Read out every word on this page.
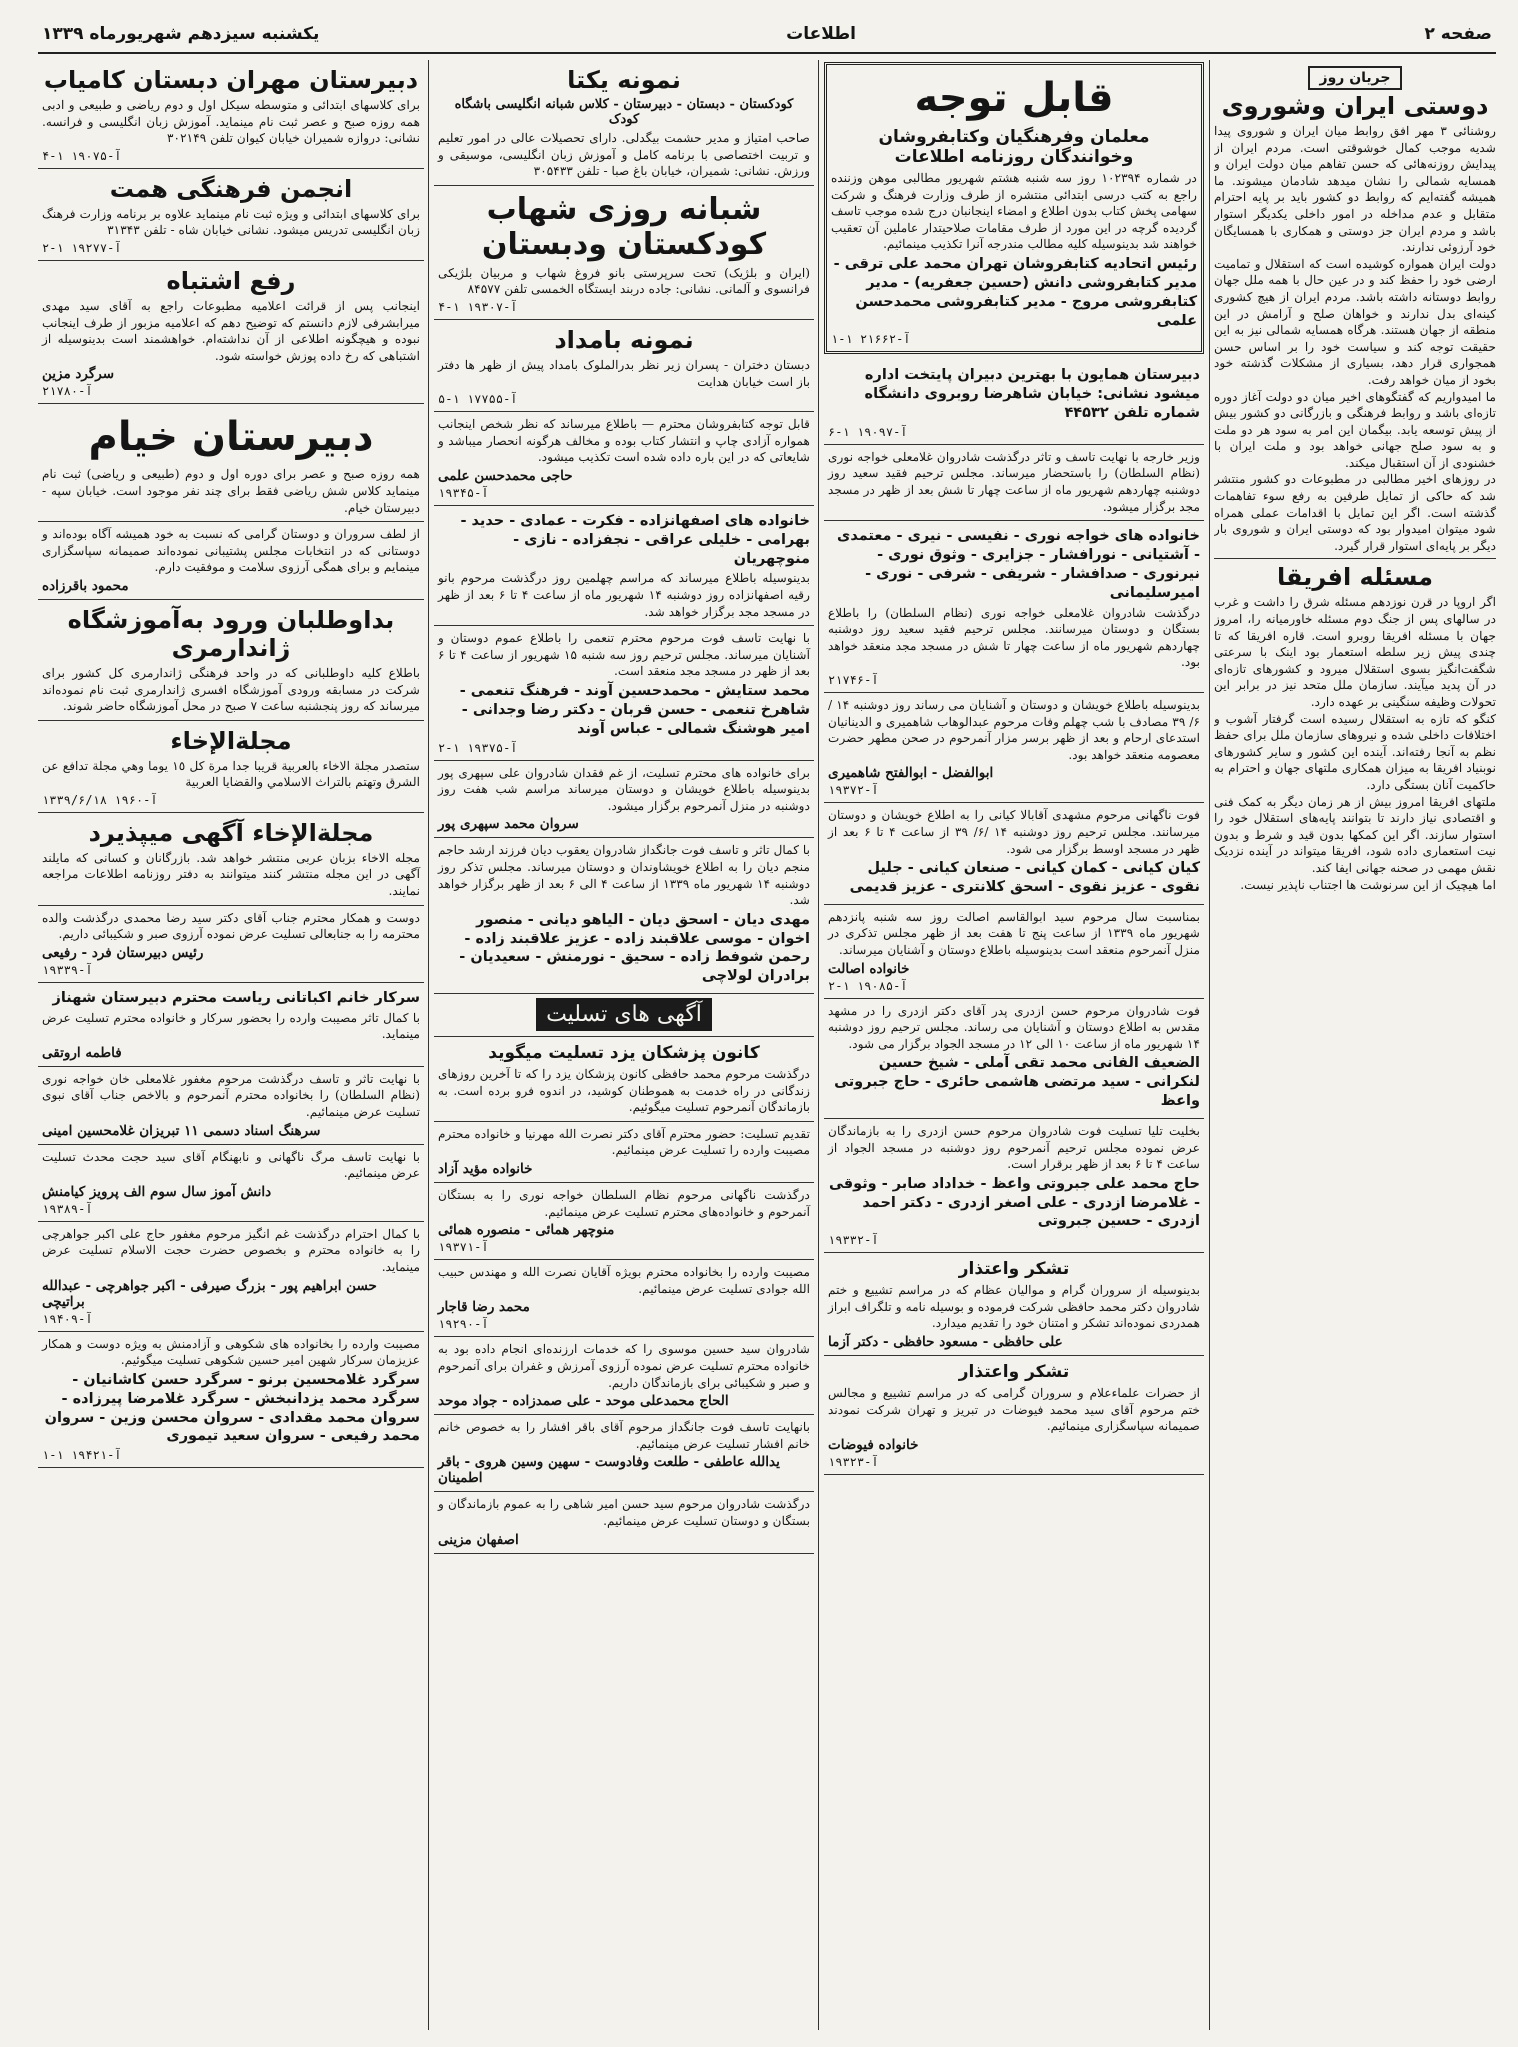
صفحه ۲
اطلاعات
یکشنبه سیزدهم شهریورماه ۱۳۳۹
جریان روز
دوستی ایران وشوروی

روشنائی ۳ مهر افق روابط میان ایران و شوروی پیدا شدیه موجب کمال خوشوقتی است. مردم ایران از پیدایش روزنه‌هائی که حسن تفاهم میان دولت ایران و همسایه شمالی را نشان میدهد شادمان میشوند. ما همیشه گفته‌ایم که روابط دو کشور باید بر پایه احترام متقابل و عدم مداخله در امور داخلی یکدیگر استوار باشد و مردم ایران جز دوستی و همکاری با همسایگان خود آرزوئی ندارند.

دولت ایران همواره کوشیده است که استقلال و تمامیت ارضی خود را حفظ کند و در عین حال با همه ملل جهان روابط دوستانه داشته باشد. مردم ایران از هیچ کشوری کینه‌ای بدل ندارند و خواهان صلح و آرامش در این منطقه از جهان هستند. هرگاه همسایه شمالی نیز به این حقیقت توجه کند و سیاست خود را بر اساس حسن همجواری قرار دهد، بسیاری از مشکلات گذشته خود بخود از میان خواهد رفت.

ما امیدواریم که گفتگوهای اخیر میان دو دولت آغاز دوره تازه‌ای باشد و روابط فرهنگی و بازرگانی دو کشور بیش از پیش توسعه یابد. بیگمان این امر به سود هر دو ملت و به سود صلح جهانی خواهد بود و ملت ایران با خشنودی از آن استقبال میکند.

در روزهای اخیر مطالبی در مطبوعات دو کشور منتشر شد که حاکی از تمایل طرفین به رفع سوء تفاهمات گذشته است. اگر این تمایل با اقدامات عملی همراه شود میتوان امیدوار بود که دوستی ایران و شوروی بار دیگر بر پایه‌ای استوار قرار گیرد.

مسئله افریقا

اگر اروپا در قرن نوزدهم مسئله شرق را داشت و غرب در سالهای پس از جنگ دوم مسئله خاورمیانه را، امروز جهان با مسئله افریقا روبرو است. قاره افریقا که تا چندی پیش زیر سلطه استعمار بود اینک با سرعتی شگفت‌انگیز بسوی استقلال میرود و کشورهای تازه‌ای در آن پدید میآیند. سازمان ملل متحد نیز در برابر این تحولات وظیفه سنگینی بر عهده دارد.

کنگو که تازه به استقلال رسیده است گرفتار آشوب و اختلافات داخلی شده و نیروهای سازمان ملل برای حفظ نظم به آنجا رفته‌اند. آینده این کشور و سایر کشورهای نوبنیاد افریقا به میزان همکاری ملتهای جهان و احترام به حاکمیت آنان بستگی دارد.

ملتهای افریقا امروز بیش از هر زمان دیگر به کمک فنی و اقتصادی نیاز دارند تا بتوانند پایه‌های استقلال خود را استوار سازند. اگر این کمکها بدون قید و شرط و بدون نیت استعماری داده شود، افریقا میتواند در آینده نزدیک نقش مهمی در صحنه جهانی ایفا کند.

اما هیچیک از این سرنوشت ها اجتناب ناپذیر نیست.

قابل توجه
معلمان وفرهنگیان وکتابفروشان وخوانندگان روزنامه اطلاعات

در شماره ۱۰۲۳۹۴ روز سه شنبه هشتم شهریور مطالبی موهن وزننده راجع به کتب درسی ابتدائی منتشره از طرف وزارت فرهنگ و شرکت سهامی پخش کتاب بدون اطلاع و امضاء اینجانبان درج شده موجب تاسف گردیده گرچه در این مورد از طرف مقامات صلاحیتدار عاملین آن تعقیب خواهند شد بدینوسیله کلیه مطالب مندرجه آنرا تکذیب مینمائیم.

رئیس اتحادیه کتابفروشان تهران محمد علی ترقی - مدیر کتابفروشی دانش (حسین جعفریه) - مدیر کتابفروشی مروج - مدیر کتابفروشی محمدحسن علمی
آ-۲۱۶۶۲ ۱-۱
دبیرستان همایون با بهترین دبیران پایتخت اداره میشود نشانی: خیابان شاهرضا روبروی دانشگاه شماره تلفن ۴۴۵۳۲
آ-۱۹۰۹۷ ۱-۶

وزیر خارجه با نهایت تاسف و تاثر درگذشت شادروان غلامعلی خواجه نوری (نظام السلطان) را باستحضار میرساند. مجلس ترحیم فقید سعید روز دوشنبه چهاردهم شهریور ماه از ساعت چهار تا شش بعد از ظهر در مسجد مجد برگزار میشود.

خانواده های خواجه نوری - نفیسی - نیری - معتمدی - آشتیانی - نورافشار - جزایری - وثوق نوری - نیرنوری - صدافشار - شریفی - شرفی - نوری - امیرسلیمانی

درگذشت شادروان غلامعلی خواجه نوری (نظام السلطان) را باطلاع بستگان و دوستان میرسانند. مجلس ترحیم فقید سعید روز دوشنبه چهاردهم شهریور ماه از ساعت چهار تا شش در مسجد مجد منعقد خواهد بود.

آ-۲۱۷۴۶

بدینوسیله باطلاع خویشان و دوستان و آشنایان می رساند روز دوشنبه ۱۴ /۶/ ۳۹ مصادف با شب چهلم وفات مرحوم عبدالوهاب شاهمیری و الدینانیان استدعای ارحام و بعد از ظهر برسر مزار آنمرحوم در صحن مطهر حضرت معصومه منعقد خواهد بود.

ابوالفضل - ابوالفتح شاهمیری
آ-۱۹۳۷۲

فوت ناگهانی مرحوم مشهدی آقابالا کیانی را به اطلاع خویشان و دوستان میرسانند. مجلس ترحیم روز دوشنبه ۱۴ /۶/ ۳۹ از ساعت ۴ تا ۶ بعد از ظهر در مسجد اوسط برگزار می شود.

کیان کیانی - کمان کیانی - صنعان کیانی - جلیل نقوی - عزیز نقوی - اسحق کلانتری - عزیز قدیمی

بمناسبت سال مرحوم سید ابوالقاسم اصالت روز سه شنبه پانزدهم شهریور ماه ۱۳۳۹ از ساعت پنج تا هفت بعد از ظهر مجلس تذکری در منزل آنمرحوم منعقد است بدینوسیله باطلاع دوستان و آشنایان میرساند.

خانواده اصالت
آ-۱۹۰۸۵ ۱-۲

فوت شادروان مرحوم حسن ازدری پدر آقای دکتر ازدری را در مشهد مقدس به اطلاع دوستان و آشنایان می رساند. مجلس ترحیم روز دوشنبه ۱۴ شهریور ماه از ساعت ۱۰ الی ۱۲ در مسجد الجواد برگزار می شود.

الضعیف الفانی محمد تقی آملی - شیخ حسین لنکرانی - سید مرتضی هاشمی حائری - حاج جبروتی واعظ

بخلیت تلیا تسلیت فوت شادروان مرحوم حسن ازدری را به بازماندگان عرض نموده مجلس ترحیم آنمرحوم روز دوشنبه در مسجد الجواد از ساعت ۴ تا ۶ بعد از ظهر برقرار است.

حاج محمد علی جبروتی واعظ - خداداد صابر - وثوقی - غلامرضا ازدری - علی اصغر ازدری - دکتر احمد ازدری - حسین جبروتی
آ-۱۹۳۳۲
تشکر واعتذار

بدینوسیله از سروران گرام و موالیان عظام که در مراسم تشییع و ختم شادروان دکتر محمد حافظی شرکت فرموده و بوسیله نامه و تلگراف ابراز همدردی نموده‌اند تشکر و امتنان خود را تقدیم میدارد.

علی حافظی - مسعود حافظی - دکتر آزما
تشکر واعتذار

از حضرات علماءعلام و سروران گرامی که در مراسم تشییع و مجالس ختم مرحوم آقای سید محمد فیوضات در تبریز و تهران شرکت نمودند صمیمانه سپاسگزاری مینمائیم.

خانواده فیوضات
آ-۱۹۳۲۳
نمونه یکتا
کودکستان - دبستان - دبیرستان - کلاس شبانه انگلیسی باشگاه کودک

صاحب امتیاز و مدیر حشمت بیگدلی. دارای تحصیلات عالی در امور تعلیم و تربیت اختصاصی با برنامه کامل و آموزش زبان انگلیسی، موسیقی و ورزش. نشانی: شمیران، خیابان باغ صبا - تلفن ۳۰۵۴۳۳

شبانه روزی شهاب کودکستان ودبستان

(ایران و بلژیک) تحت سرپرستی بانو فروغ شهاب و مربیان بلژیکی فرانسوی و آلمانی. نشانی: جاده دربند ایستگاه الخمسی تلفن ۸۴۵۷۷

آ-۱۹۳۰۷ ۱-۴
نمونه بامداد

دبستان دختران - پسران زیر نظر بدرالملوک بامداد پیش از ظهر ها دفتر باز است خیابان هدایت

آ-۱۷۷۵۵ ۱-۵

قابل توجه کتابفروشان محترم — باطلاع میرساند که نظر شخص اینجانب همواره آزادی چاپ و انتشار کتاب بوده و مخالف هرگونه انحصار میباشد و شایعاتی که در این باره داده شده است تکذیب میشود.

حاجی محمدحسن علمی
آ-۱۹۳۴۵
خانواده های اصفهانزاده - فکرت - عمادی - حدید - بهرامی - خلیلی عراقی - نجفزاده - نازی - منوچهریان

بدینوسیله باطلاع میرساند که مراسم چهلمین روز درگذشت مرحوم بانو رقیه اصفهانزاده روز دوشنبه ۱۴ شهریور ماه از ساعت ۴ تا ۶ بعد از ظهر در مسجد مجد برگزار خواهد شد.

با نهایت تاسف فوت مرحوم محترم تنعمی را باطلاع عموم دوستان و آشنایان میرساند. مجلس ترحیم روز سه شنبه ۱۵ شهریور از ساعت ۴ تا ۶ بعد از ظهر در مسجد مجد منعقد است.

محمد ستایش - محمدحسین آوند - فرهنگ تنعمی - شاهرخ تنعمی - حسن قربان - دکتر رضا وجدانی - امیر هوشنگ شمالی - عباس آوند
آ-۱۹۳۷۵ ۱-۲

برای خانواده های محترم تسلیت، از غم فقدان شادروان علی سپهری پور بدینوسیله باطلاع خویشان و دوستان میرساند مراسم شب هفت روز دوشنبه در منزل آنمرحوم برگزار میشود.

سروان محمد سپهری پور

با کمال تاثر و تاسف فوت جانگداز شادروان یعقوب دیان فرزند ارشد حاجم منجم دیان را به اطلاع خویشاوندان و دوستان میرساند. مجلس تذکر روز دوشنبه ۱۴ شهریور ماه ۱۳۳۹ از ساعت ۴ الی ۶ بعد از ظهر برگزار خواهد شد.

مهدی دیان - اسحق دیان - الیاهو دیانی - منصور اخوان - موسی علاقبند زاده - عزیز علاقبند زاده - رحمن شوفط زاده - سحیق - نورمنش - سعیدیان - برادران لولاچی
آگهی های تسلیت
کانون پزشکان یزد تسلیت میگوید

درگذشت مرحوم محمد حافظی کانون پزشکان یزد را که تا آخرین روزهای زندگانی در راه خدمت به هموطنان کوشید، در اندوه فرو برده است. به بازماندگان آنمرحوم تسلیت میگوئیم.

تقدیم تسلیت: حضور محترم آقای دکتر نصرت الله مهرنیا و خانواده محترم مصیبت وارده را تسلیت عرض مینمائیم.

خانواده مؤید آزاد

درگذشت ناگهانی مرحوم نظام السلطان خواجه نوری را به بستگان آنمرحوم و خانواده‌های محترم تسلیت عرض مینمائیم.

منوچهر همائی - منصوره همائی
آ-۱۹۳۷۱

مصیبت وارده را بخانواده محترم بویژه آقایان نصرت الله و مهندس حبیب الله جوادی تسلیت عرض مینمائیم.

محمد رضا قاجار
آ-۱۹۲۹۰

شادروان سید حسین موسوی را که خدمات ارزنده‌ای انجام داده بود به خانواده محترم تسلیت عرض نموده آرزوی آمرزش و غفران برای آنمرحوم و صبر و شکیبائی برای بازماندگان داریم.

الحاج محمدعلی موحد - علی صمدزاده - جواد موحد

بانهایت تاسف فوت جانگداز مرحوم آقای باقر افشار را به خصوص خانم خانم افشار تسلیت عرض مینمائیم.

یدالله عاطفی - طلعت وفادوست - سهین وسین هروی - باقر اطمینان

درگذشت شادروان مرحوم سید حسن امیر شاهی را به عموم بازماندگان و بستگان و دوستان تسلیت عرض مینمائیم.

اصفهان مزینی
دبیرستان مهران دبستان کامیاب

برای کلاسهای ابتدائی و متوسطه سیکل اول و دوم ریاضی و طبیعی و ادبی همه روزه صبح و عصر ثبت نام مینماید. آموزش زبان انگلیسی و فرانسه. نشانی: دروازه شمیران خیابان کیوان تلفن ۳۰۲۱۴۹

آ-۱۹۰۷۵ ۱-۴
انجمن فرهنگی همت

برای کلاسهای ابتدائی و ویژه ثبت نام مینماید علاوه بر برنامه وزارت فرهنگ زبان انگلیسی تدریس میشود. نشانی خیابان شاه - تلفن ۳۱۳۴۳

آ-۱۹۲۷۷ ۱-۲
رفع اشتباه

اینجانب پس از قرائت اعلامیه مطبوعات راجع به آقای سید مهدی میرابشرفی لازم دانستم که توضیح دهم که اعلامیه مزبور از طرف اینجانب نبوده و هیچگونه اطلاعی از آن نداشته‌ام. خواهشمند است بدینوسیله از اشتباهی که رخ داده پوزش خواسته شود.

سرگرد مزین
آ-۲۱۷۸۰
دبیرستان خیام

همه روزه صبح و عصر برای دوره اول و دوم (طبیعی و ریاضی) ثبت نام مینماید کلاس شش ریاضی فقط برای چند نفر موجود است. خیابان سپه - دبیرستان خیام.

از لطف سروران و دوستان گرامی که نسبت به خود همیشه آگاه بوده‌اند و دوستانی که در انتخابات مجلس پشتیبانی نموده‌اند صمیمانه سپاسگزاری مینمایم و برای همگی آرزوی سلامت و موفقیت دارم.

محمود باقرزاده
بداوطلبان ورود به‌آموزشگاه ژاندارمری

باطلاع کلیه داوطلبانی که در واحد فرهنگی ژاندارمری کل کشور برای شرکت در مسابقه ورودی آموزشگاه افسری ژاندارمری ثبت نام نموده‌اند میرساند که روز پنجشنبه ساعت ۷ صبح در محل آموزشگاه حاضر شوند.

مجلةالإخاء

ستصدر مجلة الاخاء بالعربیة قریبا جدا مرة کل ١٥ يوما وهي مجلة تدافع عن الشرق وتهتم بالتراث الاسلامي والقضايا العربية

آ-۱۹۶۰ ۱۳۳۹/۶/۱۸
مجلةالإخاء آگهی میپذیرد

مجله الاخاء بزبان عربی منتشر خواهد شد. بازرگانان و کسانی که مایلند آگهی در این مجله منتشر کنند میتوانند به دفتر روزنامه اطلاعات مراجعه نمایند.

دوست و همکار محترم جناب آقای دکتر سید رضا محمدی درگذشت والده محترمه را به جنابعالی تسلیت عرض نموده آرزوی صبر و شکیبائی داریم.

رئیس دبیرستان فرد - رفیعی
آ-۱۹۳۳۹
سرکار خانم اکباتانی ریاست محترم دبیرستان شهناز

با کمال تاثر مصیبت وارده را بحضور سرکار و خانواده محترم تسلیت عرض مینماید.

فاطمه اروتقی

با نهایت تاثر و تاسف درگذشت مرحوم مغفور غلامعلی خان خواجه نوری (نظام السلطان) را بخانواده محترم آنمرحوم و بالاخص جناب آقای نبوی تسلیت عرض مینمائیم.

سرهنگ اسناد دسمی ۱۱ تبریزان غلامحسین امینی

با نهایت تاسف مرگ ناگهانی و نابهنگام آقای سید حجت محدث تسلیت عرض مینمائیم.

دانش آموز سال سوم الف پرویز کیامنش
آ-۱۹۳۸۹

با کمال احترام درگذشت غم انگیز مرحوم مغفور حاج علی اکبر جواهرچی را به خانواده محترم و بخصوص حضرت حجت الاسلام تسلیت عرض مینماید.

حسن ابراهیم پور - بزرگ صیرفی - اکبر جواهرچی - عبدالله براتیچی
آ-۱۹۴۰۹

مصیبت وارده را بخانواده های شکوهی و آزادمنش به ویژه دوست و همکار عزیزمان سرکار شهین امیر حسین شکوهی تسلیت میگوئیم.

سرگرد غلامحسین برنو - سرگرد حسن کاشانیان - سرگرد محمد یزدانبخش - سرگرد غلامرضا پیرزاده - سروان محمد مقدادی - سروان محسن وزین - سروان محمد رفیعی - سروان سعید تیموری
آ-۱۹۴۲۱ ۱-۱
